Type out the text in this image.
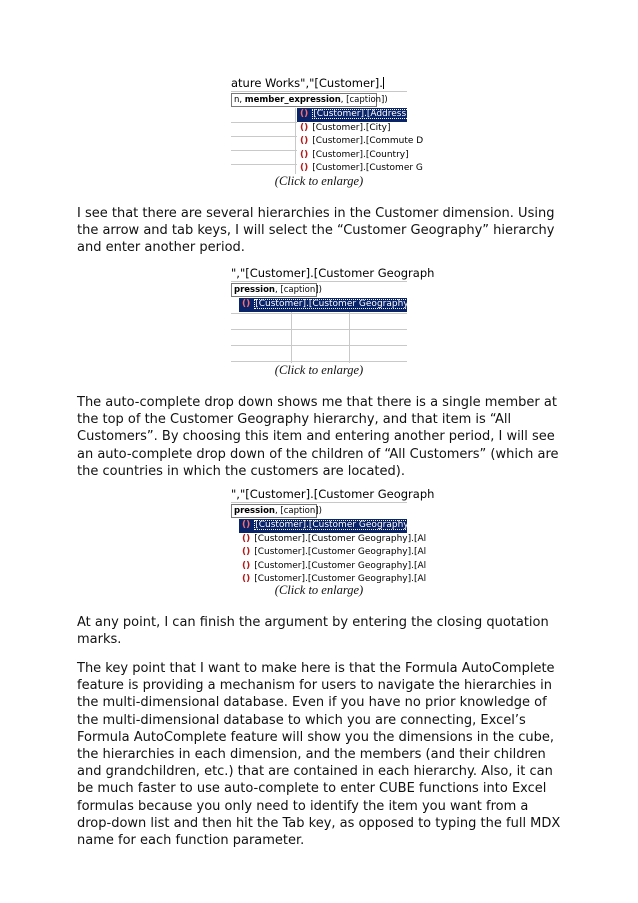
ature Works","[Customer].
n, member_expression, [caption])
() [Customer].[Address]
() [Customer].[City]
() [Customer].[Commute D
() [Customer].[Country]
() [Customer].[Customer G
(Click to enlarge)

I see that there are several hierarchies in the Customer dimension. Using the arrow and tab keys, I will select the “Customer Geography” hierarchy and enter another period.

","[Customer].[Customer Geograph
pression, [caption])
() [Customer].[Customer Geography].[Al
(Click to enlarge)

The auto-complete drop down shows me that there is a single member at the top of the Customer Geography hierarchy, and that item is “All Customers”. By choosing this item and entering another period, I will see an auto-complete drop down of the children of “All Customers” (which are the countries in which the customers are located).

","[Customer].[Customer Geograph
pression, [caption])
() [Customer].[Customer Geography].[Al
() [Customer].[Customer Geography].[Al
() [Customer].[Customer Geography].[Al
() [Customer].[Customer Geography].[Al
() [Customer].[Customer Geography].[Al
(Click to enlarge)

At any point, I can finish the argument by entering the closing quotation marks.

The key point that I want to make here is that the Formula AutoComplete feature is providing a mechanism for users to navigate the hierarchies in the multi-dimensional database. Even if you have no prior knowledge of the multi-dimensional database to which you are connecting, Excel’s Formula AutoComplete feature will show you the dimensions in the cube, the hierarchies in each dimension, and the members (and their children and grandchildren, etc.) that are contained in each hierarchy. Also, it can be much faster to use auto-complete to enter CUBE functions into Excel formulas because you only need to identify the item you want from a drop-down list and then hit the Tab key, as opposed to typing the full MDX name for each function parameter.
